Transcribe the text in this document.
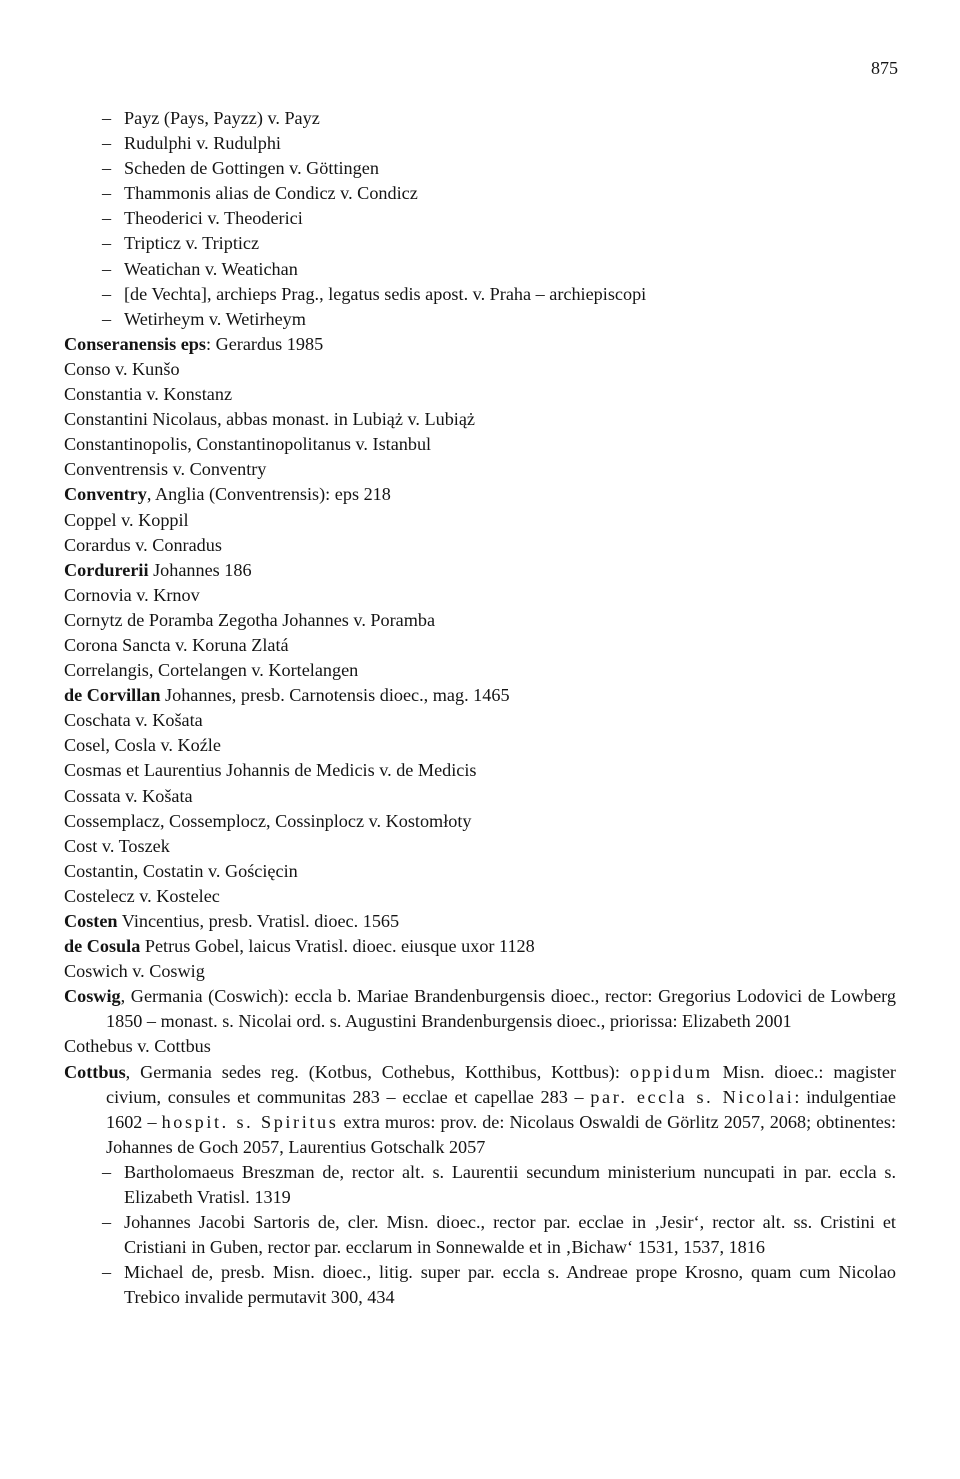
875

– Payz (Pays, Payzz) v. Payz

– Rudulphi v. Rudulphi

– Scheden de Gottingen v. Göttingen

– Thammonis alias de Condicz v. Condicz

– Theoderici v. Theoderici

– Tripticz v. Tripticz

– Weatichan v. Weatichan

– [de Vechta], archieps Prag., legatus sedis apost. v. Praha – archiepiscopi

– Wetirheym v. Wetirheym

Conseranensis eps: Gerardus 1985

Conso v. Kunšo

Constantia v. Konstanz

Constantini Nicolaus, abbas monast. in Lubiąż v. Lubiąż

Constantinopolis, Constantinopolitanus v. Istanbul

Conventrensis v. Conventry

Conventry, Anglia (Conventrensis): eps 218

Coppel v. Koppil

Corardus v. Conradus

Cordurerii Johannes 186

Cornovia v. Krnov

Cornytz de Poramba Zegotha Johannes v. Poramba

Corona Sancta v. Koruna Zlatá

Correlangis, Cortelangen v. Kortelangen

de Corvillan Johannes, presb. Carnotensis dioec., mag. 1465

Coschata v. Košata

Cosel, Cosla v. Koźle

Cosmas et Laurentius Johannis de Medicis v. de Medicis

Cossata v. Košata

Cossemplacz, Cossemplocz, Cossinplocz v. Kostomłoty

Cost v. Toszek

Costantin, Costatin v. Gościęcin

Costelecz v. Kostelec

Costen Vincentius, presb. Vratisl. dioec. 1565

de Cosula Petrus Gobel, laicus Vratisl. dioec. eiusque uxor 1128

Coswich v. Coswig

Coswig, Germania (Coswich): eccla b. Mariae Brandenburgensis dioec., rector: Gregorius Lodovici de Lowberg 1850 – monast. s. Nicolai ord. s. Augustini Brandenburgensis dioec., priorissa: Elizabeth 2001

Cothebus v. Cottbus

Cottbus, Germania sedes reg. (Kotbus, Cothebus, Kotthibus, Kottbus): oppidum Misn. dioec.: magister civium, consules et communitas 283 – ecclae et capellae 283 – par. eccla s. Nicolai: indulgentiae 1602 – hospit. s. Spiritus extra muros: prov. de: Nicolaus Oswaldi de Görlitz 2057, 2068; obtinentes: Johannes de Goch 2057, Laurentius Gotschalk 2057

– Bartholomaeus Breszman de, rector alt. s. Laurentii secundum ministerium nuncupati in par. eccla s. Elizabeth Vratisl. 1319

– Johannes Jacobi Sartoris de, cler. Misn. dioec., rector par. ecclae in ‚Jesir‘, rector alt. ss. Cristini et Cristiani in Guben, rector par. ecclarum in Sonnewalde et in ‚Bichaw‘ 1531, 1537, 1816

– Michael de, presb. Misn. dioec., litig. super par. eccla s. Andreae prope Krosno, quam cum Nicolao Trebico invalide permutavit 300, 434
